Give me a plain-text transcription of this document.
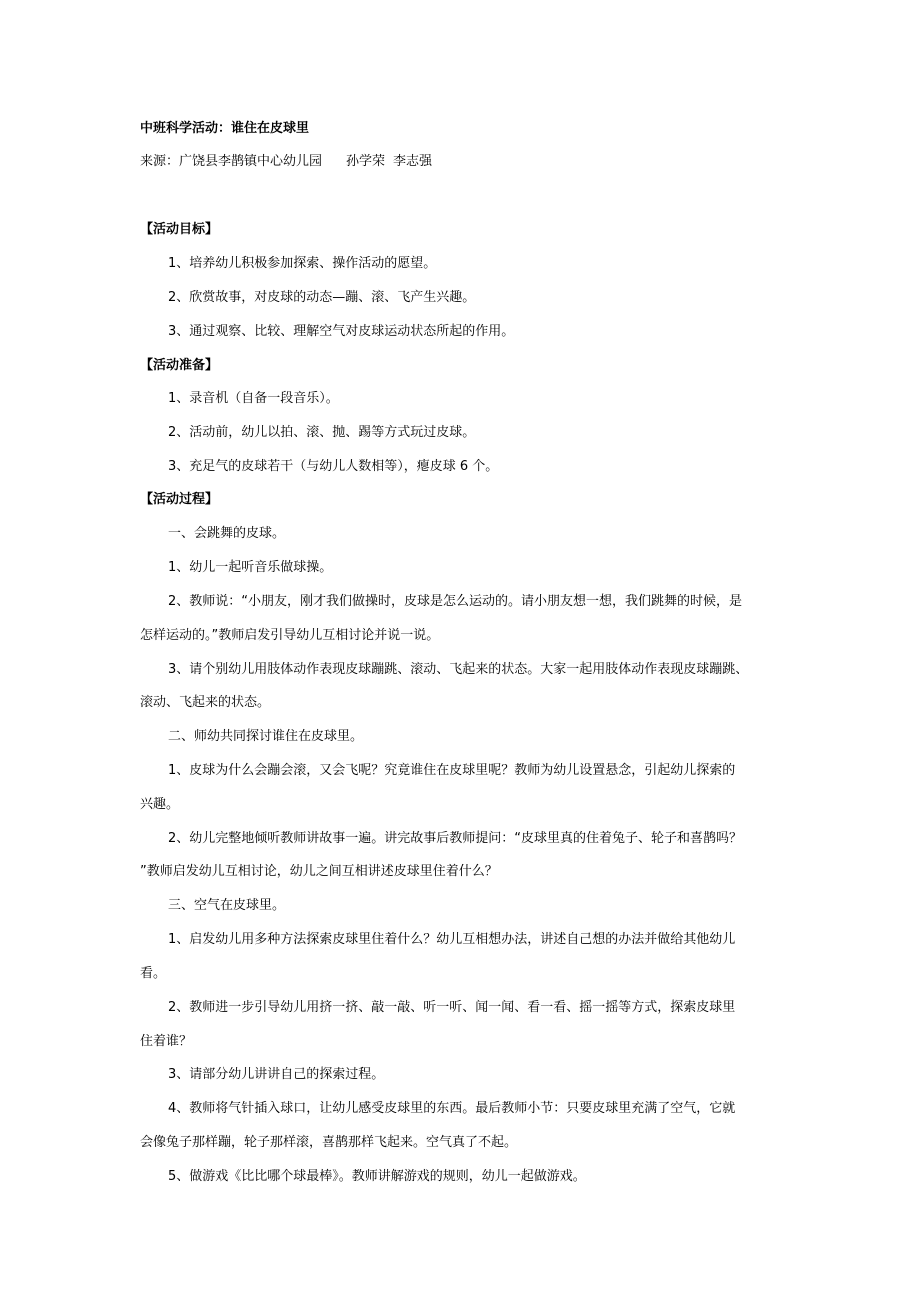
中班科学活动：谁住在皮球里
来源：广饶县李鹊镇中心幼儿园 孙学荣 李志强
【活动目标】
1、培养幼儿积极参加探索、操作活动的愿望。
2、欣赏故事，对皮球的动态—蹦、滚、飞产生兴趣。
3、通过观察、比较、理解空气对皮球运动状态所起的作用。
【活动准备】
1、录音机（自备一段音乐）。
2、活动前，幼儿以拍、滚、抛、踢等方式玩过皮球。
3、充足气的皮球若干（与幼儿人数相等），瘪皮球 6 个。
【活动过程】
一、会跳舞的皮球。
1、幼儿一起听音乐做球操。
2、教师说：“小朋友，刚才我们做操时，皮球是怎么运动的。请小朋友想一想，我们跳舞的时候，是
怎样运动的。”教师启发引导幼儿互相讨论并说一说。
3、请个别幼儿用肢体动作表现皮球蹦跳、滚动、飞起来的状态。大家一起用肢体动作表现皮球蹦跳、
滚动、飞起来的状态。
二、师幼共同探讨谁住在皮球里。
1、皮球为什么会蹦会滚，又会飞呢？究竟谁住在皮球里呢？教师为幼儿设置悬念，引起幼儿探索的
兴趣。
2、幼儿完整地倾听教师讲故事一遍。讲完故事后教师提问：“皮球里真的住着兔子、轮子和喜鹊吗？
”教师启发幼儿互相讨论，幼儿之间互相讲述皮球里住着什么？
三、空气在皮球里。
1、启发幼儿用多种方法探索皮球里住着什么？幼儿互相想办法，讲述自己想的办法并做给其他幼儿
看。
2、教师进一步引导幼儿用挤一挤、敲一敲、听一听、闻一闻、看一看、摇一摇等方式，探索皮球里
住着谁？
3、请部分幼儿讲讲自己的探索过程。
4、教师将气针插入球口，让幼儿感受皮球里的东西。最后教师小节：只要皮球里充满了空气，它就
会像兔子那样蹦，轮子那样滚，喜鹊那样飞起来。空气真了不起。
5、做游戏《比比哪个球最棒》。教师讲解游戏的规则，幼儿一起做游戏。
